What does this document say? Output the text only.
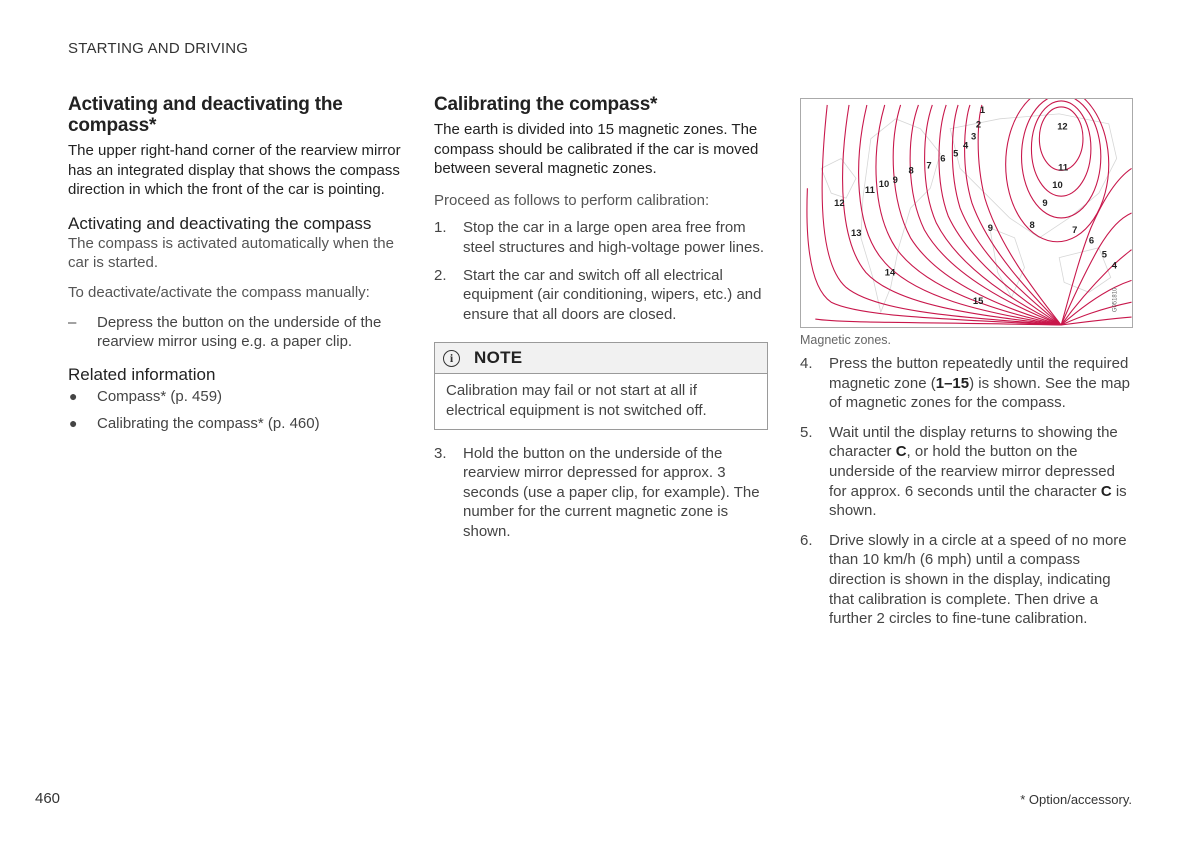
STARTING AND DRIVING
Activating and deactivating the compass*

The upper right-hand corner of the rearview mirror has an integrated display that shows the compass direction in which the front of the car is pointing.

Activating and deactivating the compass

The compass is activated automatically when the car is started.

To deactivate/activate the compass manually:

– Depress the button on the underside of the rearview mirror using e.g. a paper clip.
Related information
● Compass* (p. 459)
● Calibrating the compass* (p. 460)
Calibrating the compass*

The earth is divided into 15 magnetic zones. The compass should be calibrated if the car is moved between several magnetic zones.

Proceed as follows to perform calibration:

1. Stop the car in a large open area free from steel structures and high-voltage power lines.
2. Start the car and switch off all electrical equipment (air conditioning, wipers, etc.) and ensure that all doors are closed.
i	NOTE
Calibration may fail or not start at all if electrical equipment is not switched off.
3. Hold the button on the underside of the rearview mirror depressed for approx. 3 seconds (use a paper clip, for example). The number for the current magnetic zone is shown.
1
2
3
4
5
6
7
8
9
10
11
12
11
10
9
12
13	9	8	7
6
5
4
14
15	G051810
Magnetic zones.
4. Press the button repeatedly until the required magnetic zone (1–15) is shown. See the map of magnetic zones for the compass.
5. Wait until the display returns to showing the character C, or hold the button on the underside of the rearview mirror depressed for approx. 6 seconds until the character C is shown.
6. Drive slowly in a circle at a speed of no more than 10 km/h (6 mph) until a compass direction is shown in the display, indicating that calibration is complete. Then drive a further 2 circles to fine-tune calibration.
460	* Option/accessory.
